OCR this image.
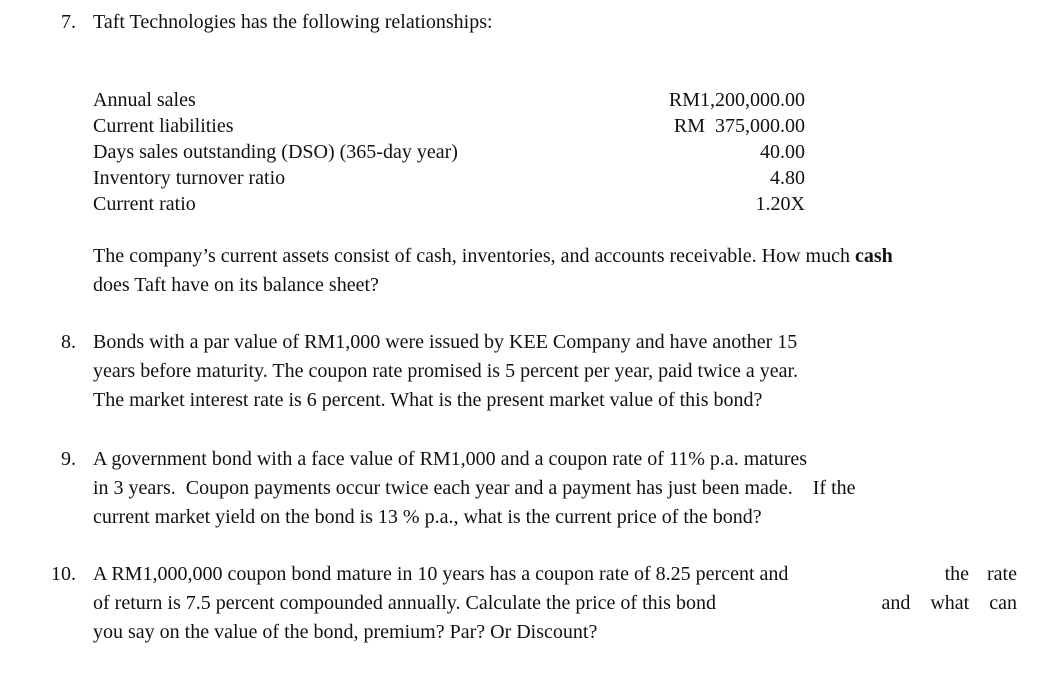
7. Taft Technologies has the following relationships:
Annual sales	RM1,200,000.00
Current liabilities	RM  375,000.00
Days sales outstanding (DSO) (365-day year)	40.00
Inventory turnover ratio	4.80
Current ratio	1.20X
The company’s current assets consist of cash, inventories, and accounts receivable. How much cash
does Taft have on its balance sheet?
8. Bonds with a par value of RM1,000 were issued by KEE Company and have another 15
years before maturity. The coupon rate promised is 5 percent per year, paid twice a year.
The market interest rate is 6 percent. What is the present market value of this bond?
9. A government bond with a face value of RM1,000 and a coupon rate of 11% p.a. matures
in 3 years.  Coupon payments occur twice each year and a payment has just been made.    If the
current market yield on the bond is 13 % p.a., what is the current price of the bond?
10. A RM1,000,000 coupon bond mature in 10 years has a coupon rate of 8.25 percent and	the rate
of return is 7.5 percent compounded annually. Calculate the price of this bond	and what can
you say on the value of the bond, premium? Par? Or Discount?
